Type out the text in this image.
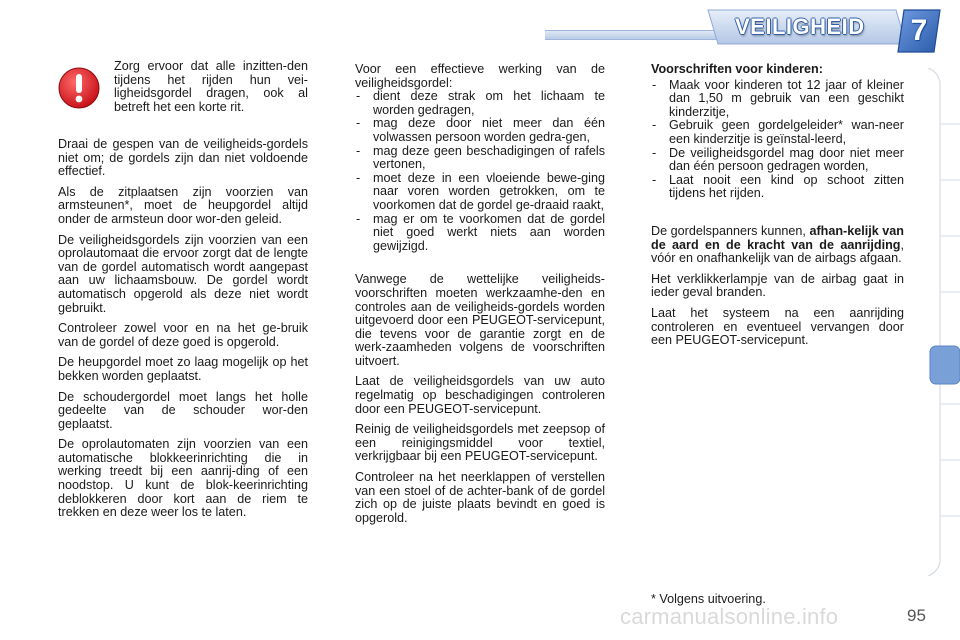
VEILIGHEID	7
Zorg ervoor dat alle inzitten-den tijdens het rijden hun vei-ligheidsgordel dragen, ook al betreft het een korte rit.

Draai de gespen van de veiligheids-gordels niet om; de gordels zijn dan niet voldoende effectief.

Als de zitplaatsen zijn voorzien van armsteunen*, moet de heupgordel altijd onder de armsteun door wor-den geleid.

De veiligheidsgordels zijn voorzien van een oprolautomaat die ervoor zorgt dat de lengte van de gordel automatisch wordt aangepast aan uw lichaamsbouw. De gordel wordt automatisch opgerold als deze niet wordt gebruikt.

Controleer zowel voor en na het ge-bruik van de gordel of deze goed is opgerold.

De heupgordel moet zo laag mogelijk op het bekken worden geplaatst.

De schoudergordel moet langs het holle gedeelte van de schouder wor-den geplaatst.

De oprolautomaten zijn voorzien van een automatische blokkeerinrichting die in werking treedt bij een aanrij-ding of een noodstop. U kunt de blok-keerinrichting deblokkeren door kort aan de riem te trekken en deze weer los te laten.

Voor een effectieve werking van de veiligheidsgordel:

- dient deze strak om het lichaam te worden gedragen,
- mag deze door niet meer dan één volwassen persoon worden gedra-gen,
- mag deze geen beschadigingen of rafels vertonen,
- moet deze in een vloeiende bewe-ging naar voren worden getrokken, om te voorkomen dat de gordel ge-draaid raakt,
- mag er om te voorkomen dat de gordel niet goed werkt niets aan worden gewijzigd.

Vanwege de wettelijke veiligheids-voorschriften moeten werkzaamhe-den en controles aan de veiligheids-gordels worden uitgevoerd door een PEUGEOT-servicepunt, die tevens voor de garantie zorgt en de werk-zaamheden volgens de voorschriften uitvoert.

Laat de veiligheidsgordels van uw auto regelmatig op beschadigingen controleren door een PEUGEOT-servicepunt.

Reinig de veiligheidsgordels met zeepsop of een reinigingsmiddel voor textiel, verkrijgbaar bij een PEUGEOT-servicepunt.

Controleer na het neerklappen of verstellen van een stoel of de achter-bank of de gordel zich op de juiste plaats bevindt en goed is opgerold.

Voorschriften voor kinderen:

- Maak voor kinderen tot 12 jaar of kleiner dan 1,50 m gebruik van een geschikt kinderzitje,
- Gebruik geen gordelgeleider* wan-neer een kinderzitje is geïnstal-leerd,
- De veiligheidsgordel mag door niet meer dan één persoon gedragen worden,
- Laat nooit een kind op schoot zitten tijdens het rijden.

De gordelspanners kunnen, afhan-kelijk van de aard en de kracht van de aanrijding, vóór en onafhankelijk van de airbags afgaan.

Het verklikkerlampje van de airbag gaat in ieder geval branden.

Laat het systeem na een aanrijding controleren en eventueel vervangen door een PEUGEOT-servicepunt.

* Volgens uitvoering.
carmanualsonline.info	95
